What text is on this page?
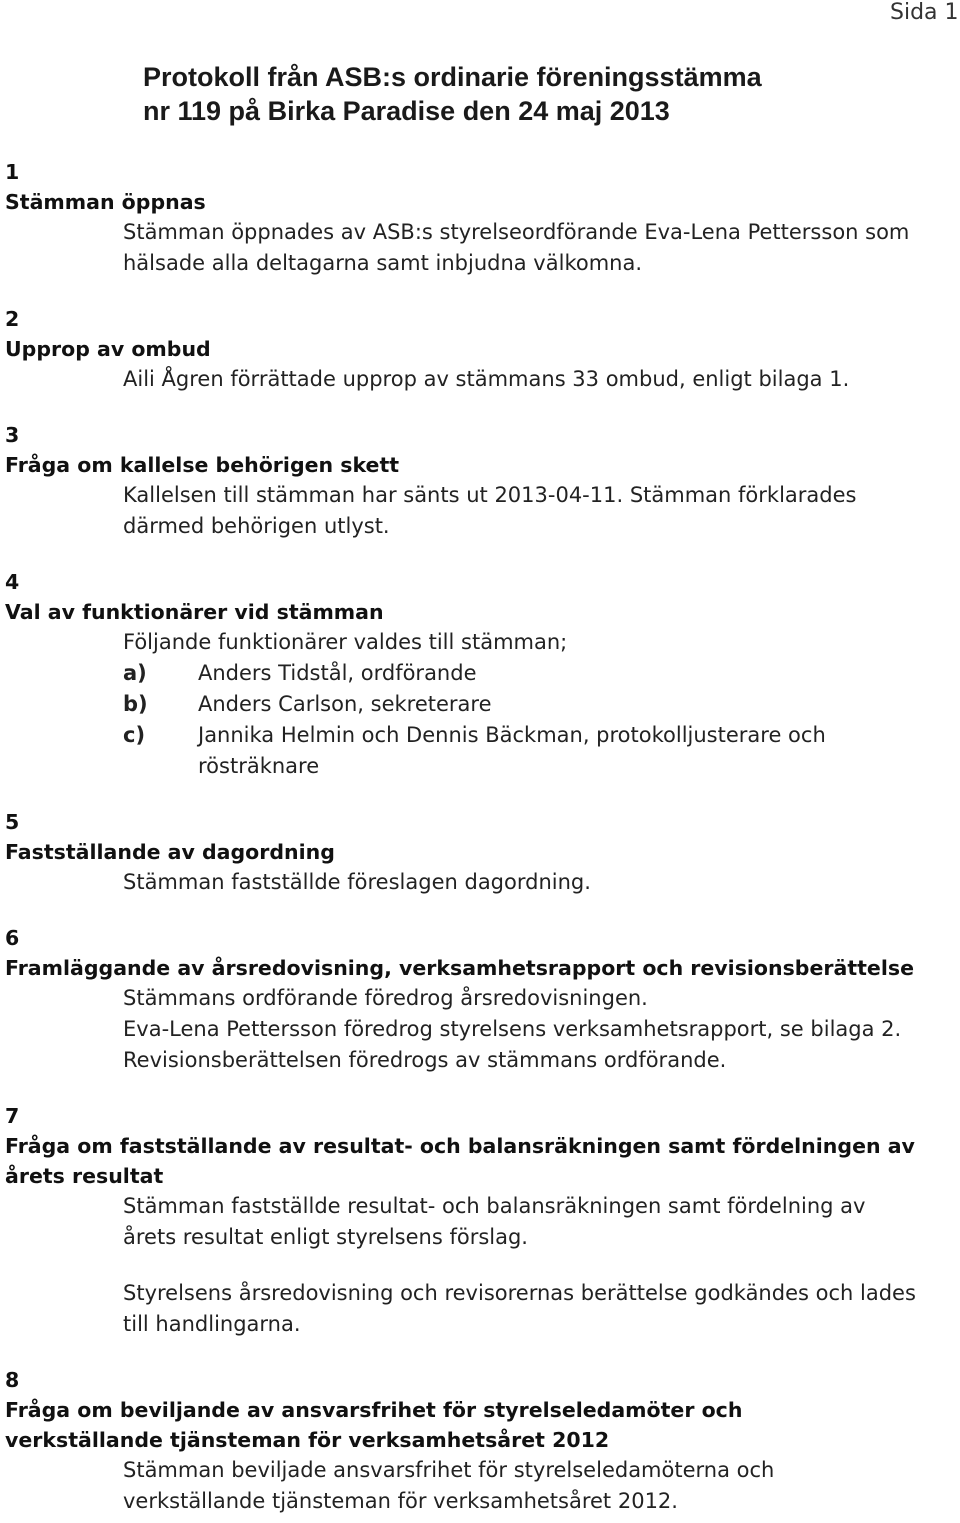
Sida 1
Protokoll från ASB:s ordinarie föreningsstämma
nr 119 på Birka Paradise den 24 maj 2013
1
Stämman öppnas

Stämman öppnades av ASB:s styrelseordförande Eva-Lena Pettersson som hälsade alla deltagarna samt inbjudna välkomna.

2
Upprop av ombud

Aili Ågren förrättade upprop av stämmans 33 ombud, enligt bilaga 1.

3
Fråga om kallelse behörigen skett

Kallelsen till stämman har sänts ut 2013-04-11. Stämman förklarades därmed behörigen utlyst.

4
Val av funktionärer vid stämman

Följande funktionärer valdes till stämman;

a)	Anders Tidstål, ordförande
b)	Anders Carlson, sekreterare
c)	Jannika Helmin och Dennis Bäckman, protokolljusterare och rösträknare
5
Fastställande av dagordning

Stämman fastställde föreslagen dagordning.

6
Framläggande av årsredovisning, verksamhetsrapport och revisionsberättelse

Stämmans ordförande föredrog årsredovisningen.

Eva-Lena Pettersson föredrog styrelsens verksamhetsrapport, se bilaga 2.

Revisionsberättelsen föredrogs av stämmans ordförande.

7
Fråga om fastställande av resultat- och balansräkningen samt fördelningen av årets resultat

Stämman fastställde resultat- och balansräkningen samt fördelning av årets resultat enligt styrelsens förslag.

Styrelsens årsredovisning och revisorernas berättelse godkändes och lades till handlingarna.

8
Fråga om beviljande av ansvarsfrihet för styrelseledamöter och verkställande tjänsteman för verksamhetsåret 2012

Stämman beviljade ansvarsfrihet för styrelseledamöterna och verkställande tjänsteman för verksamhetsåret 2012.
